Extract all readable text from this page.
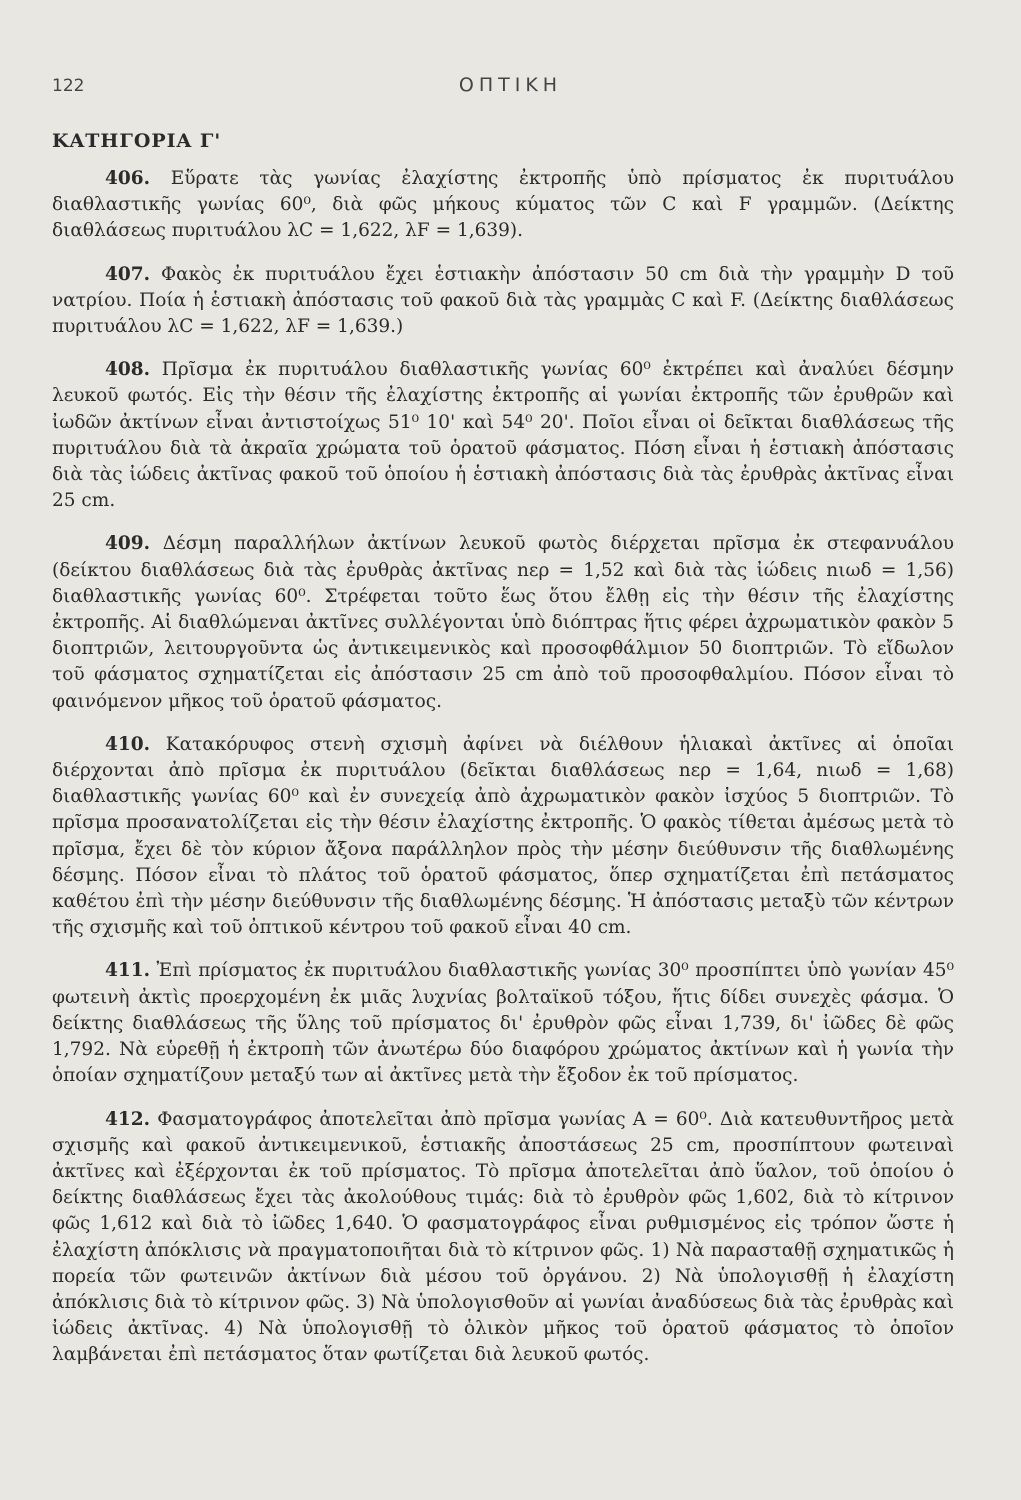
122	ΟΠΤΙΚΗ
ΚΑΤΗΓΟΡΙΑ Γ'

406. Εὕρατε τὰς γωνίας ἐλαχίστης ἐκτροπῆς ὑπὸ πρίσματος ἐκ πυριτυάλου διαθλαστικῆς γωνίας 60⁰, διὰ φῶς μήκους κύματος τῶν C καὶ F γραμμῶν. (Δείκτης διαθλάσεως πυριτυάλου λC = 1,622, λF = 1,639).

407. Φακὸς ἐκ πυριτυάλου ἔχει ἑστιακὴν ἀπόστασιν 50 cm διὰ τὴν γραμμὴν D τοῦ νατρίου. Ποία ἡ ἑστιακὴ ἀπόστασις τοῦ φακοῦ διὰ τὰς γραμμὰς C καὶ F. (Δείκτης διαθλάσεως πυριτυάλου λC = 1,622, λF = 1,639.)

408. Πρῖσμα ἐκ πυριτυάλου διαθλαστικῆς γωνίας 60⁰ ἐκτρέπει καὶ ἀναλύει δέσμην λευκοῦ φωτός. Εἰς τὴν θέσιν τῆς ἐλαχίστης ἐκτροπῆς αἱ γωνίαι ἐκτροπῆς τῶν ἐρυθρῶν καὶ ἰωδῶν ἀκτίνων εἶναι ἀντιστοίχως 51⁰ 10' καὶ 54⁰ 20'. Ποῖοι εἶναι οἱ δεῖκται διαθλάσεως τῆς πυριτυάλου διὰ τὰ ἀκραῖα χρώματα τοῦ ὁρατοῦ φάσματος. Πόση εἶναι ἡ ἑστιακὴ ἀπόστασις διὰ τὰς ἰώδεις ἀκτῖνας φακοῦ τοῦ ὁποίου ἡ ἑστιακὴ ἀπόστασις διὰ τὰς ἐρυθρὰς ἀκτῖνας εἶναι 25 cm.

409. Δέσμη παραλλήλων ἀκτίνων λευκοῦ φωτὸς διέρχεται πρῖσμα ἐκ στεφανυάλου (δείκτου διαθλάσεως διὰ τὰς ἐρυθρὰς ἀκτῖνας nερ = 1,52 καὶ διὰ τὰς ἰώδεις nιωδ = 1,56) διαθλαστικῆς γωνίας 60⁰. Στρέφεται τοῦτο ἕως ὅτου ἔλθῃ εἰς τὴν θέσιν τῆς ἐλαχίστης ἐκτροπῆς. Αἱ διαθλώμεναι ἀκτῖνες συλλέγονται ὑπὸ διόπτρας ἥτις φέρει ἀχρωματικὸν φακὸν 5 διοπτριῶν, λειτουργοῦντα ὡς ἀντικειμενικὸς καὶ προσοφθάλμιον 50 διοπτριῶν. Τὸ εἴδωλον τοῦ φάσματος σχηματίζεται εἰς ἀπόστασιν 25 cm ἀπὸ τοῦ προσοφθαλμίου. Πόσον εἶναι τὸ φαινόμενον μῆκος τοῦ ὁρατοῦ φάσματος.

410. Κατακόρυφος στενὴ σχισμὴ ἀφίνει νὰ διέλθουν ἡλιακαὶ ἀκτῖνες αἱ ὁποῖαι διέρχονται ἀπὸ πρῖσμα ἐκ πυριτυάλου (δεῖκται διαθλάσεως nερ = 1,64, nιωδ = 1,68) διαθλαστικῆς γωνίας 60⁰ καὶ ἐν συνεχείᾳ ἀπὸ ἀχρωματικὸν φακὸν ἰσχύος 5 διοπτριῶν. Τὸ πρῖσμα προσανατολίζεται εἰς τὴν θέσιν ἐλαχίστης ἐκτροπῆς. Ὁ φακὸς τίθεται ἀμέσως μετὰ τὸ πρῖσμα, ἔχει δὲ τὸν κύριον ἄξονα παράλληλον πρὸς τὴν μέσην διεύθυνσιν τῆς διαθλωμένης δέσμης. Πόσον εἶναι τὸ πλάτος τοῦ ὁρατοῦ φάσματος, ὅπερ σχηματίζεται ἐπὶ πετάσματος καθέτου ἐπὶ τὴν μέσην διεύθυνσιν τῆς διαθλωμένης δέσμης. Ἡ ἀπόστασις μεταξὺ τῶν κέντρων τῆς σχισμῆς καὶ τοῦ ὀπτικοῦ κέντρου τοῦ φακοῦ εἶναι 40 cm.

411. Ἐπὶ πρίσματος ἐκ πυριτυάλου διαθλαστικῆς γωνίας 30⁰ προσπίπτει ὑπὸ γωνίαν 45⁰ φωτεινὴ ἀκτὶς προερχομένη ἐκ μιᾶς λυχνίας βολταϊκοῦ τόξου, ἥτις δίδει συνεχὲς φάσμα. Ὁ δείκτης διαθλάσεως τῆς ὕλης τοῦ πρίσματος δι' ἐρυθρὸν φῶς εἶναι 1,739, δι' ἰῶδες δὲ φῶς 1,792. Νὰ εὑρεθῇ ἡ ἐκτροπὴ τῶν ἀνωτέρω δύο διαφόρου χρώματος ἀκτίνων καὶ ἡ γωνία τὴν ὁποίαν σχηματίζουν μεταξύ των αἱ ἀκτῖνες μετὰ τὴν ἔξοδον ἐκ τοῦ πρίσματος.

412. Φασματογράφος ἀποτελεῖται ἀπὸ πρῖσμα γωνίας A = 60⁰. Διὰ κατευθυντῆρος μετὰ σχισμῆς καὶ φακοῦ ἀντικειμενικοῦ, ἑστιακῆς ἀποστάσεως 25 cm, προσπίπτουν φωτειναὶ ἀκτῖνες καὶ ἐξέρχονται ἐκ τοῦ πρίσματος. Τὸ πρῖσμα ἀποτελεῖται ἀπὸ ὕαλον, τοῦ ὁποίου ὁ δείκτης διαθλάσεως ἔχει τὰς ἀκολούθους τιμάς: διὰ τὸ ἐρυθρὸν φῶς 1,602, διὰ τὸ κίτρινον φῶς 1,612 καὶ διὰ τὸ ἰῶδες 1,640. Ὁ φασματογράφος εἶναι ρυθμισμένος εἰς τρόπον ὥστε ἡ ἐλαχίστη ἀπόκλισις νὰ πραγματοποιῆται διὰ τὸ κίτρινον φῶς. 1) Νὰ παρασταθῇ σχηματικῶς ἡ πορεία τῶν φωτεινῶν ἀκτίνων διὰ μέσου τοῦ ὀργάνου. 2) Νὰ ὑπολογισθῇ ἡ ἐλαχίστη ἀπόκλισις διὰ τὸ κίτρινον φῶς. 3) Νὰ ὑπολογισθοῦν αἱ γωνίαι ἀναδύσεως διὰ τὰς ἐρυθρὰς καὶ ἰώδεις ἀκτῖνας. 4) Νὰ ὑπολογισθῇ τὸ ὁλικὸν μῆκος τοῦ ὁρατοῦ φάσματος τὸ ὁποῖον λαμβάνεται ἐπὶ πετάσματος ὅταν φωτίζεται διὰ λευκοῦ φωτός.
